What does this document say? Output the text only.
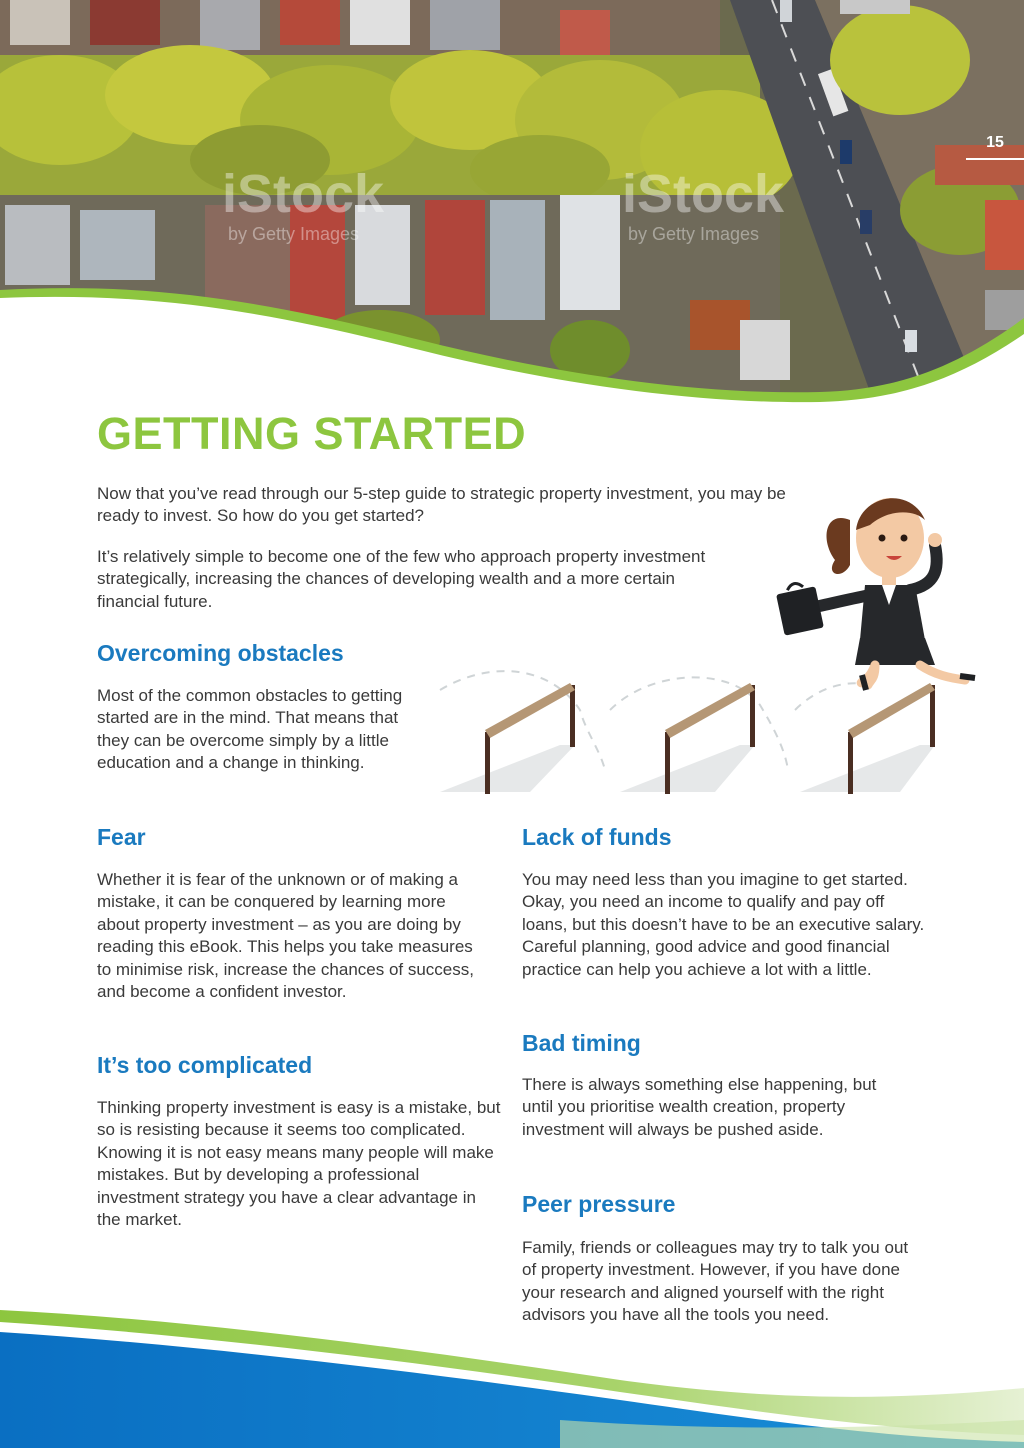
iStock
by Getty Images
iStock
by Getty Images
15
GETTING STARTED

Now that you’ve read through our 5-step guide to strategic property investment, you may be ready to invest. So how do you get started?

It’s relatively simple to become one of the few who approach property investment strategically, increasing the chances of developing wealth and a more certain financial future.

Overcoming obstacles

Most of the common obstacles to getting started are in the mind. That means that they can be overcome simply by a little education and a change in thinking.

Fear

Whether it is fear of the unknown or of making a mistake, it can be conquered by learning more about property investment – as you are doing by reading this eBook. This helps you take measures to minimise risk, increase the chances of success, and become a confident investor.

It’s too complicated

Thinking property investment is easy is a mistake, but so is resisting because it seems too complicated. Knowing it is not easy means many people will make mistakes. But by developing a professional investment strategy you have a clear advantage in the market.

Lack of funds

You may need less than you imagine to get started. Okay, you need an income to qualify and pay off loans, but this doesn’t have to be an executive salary. Careful planning, good advice and good financial practice can help you achieve a lot with a little.

Bad timing

There is always something else happening, but until you prioritise wealth creation, property investment will always be pushed aside.

Peer pressure

Family, friends or colleagues may try to talk you out of property investment. However, if you have done your research and aligned yourself with the right advisors you have all the tools you need.
